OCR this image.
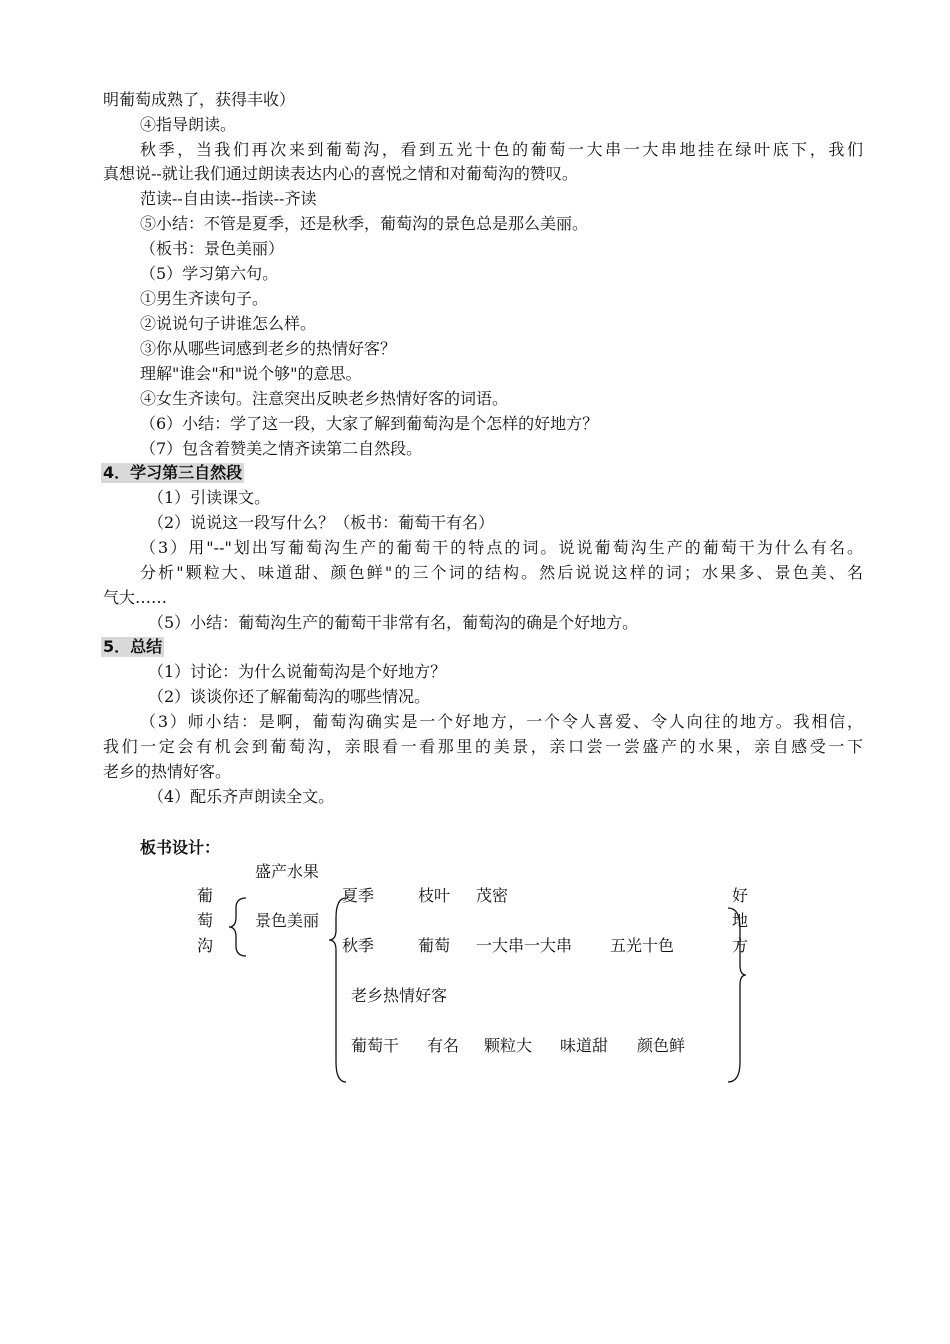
明葡萄成熟了，获得丰收）
④指导朗读。
秋季，当我们再次来到葡萄沟，看到五光十色的葡萄一大串一大串地挂在绿叶底下，我们
真想说--就让我们通过朗读表达内心的喜悦之情和对葡萄沟的赞叹。
范读--自由读--指读--齐读
⑤小结：不管是夏季，还是秋季，葡萄沟的景色总是那么美丽。
（板书：景色美丽）
（5）学习第六句。
①男生齐读句子。
②说说句子讲谁怎么样。
③你从哪些词感到老乡的热情好客？
理解"谁会"和"说个够"的意思。
④女生齐读句。注意突出反映老乡热情好客的词语。
（6）小结：学了这一段，大家了解到葡萄沟是个怎样的好地方？
（7）包含着赞美之情齐读第二自然段。
4．学习第三自然段
（1）引读课文。
（2）说说这一段写什么？（板书：葡萄干有名）
（3）用"--"划出写葡萄沟生产的葡萄干的特点的词。说说葡萄沟生产的葡萄干为什么有名。
分析"颗粒大、味道甜、颜色鲜"的三个词的结构。然后说说这样的词；水果多、景色美、名
气大……
（5）小结：葡萄沟生产的葡萄干非常有名，葡萄沟的确是个好地方。
5．总结
（1）讨论：为什么说葡萄沟是个好地方？
（2）谈谈你还了解葡萄沟的哪些情况。
（3）师小结：是啊，葡萄沟确实是一个好地方，一个令人喜爱、令人向往的地方。我相信，
我们一定会有机会到葡萄沟，亲眼看一看那里的美景，亲口尝一尝盛产的水果，亲自感受一下
老乡的热情好客。
（4）配乐齐声朗读全文。
板书设计：
葡
萄
沟
好
地
方
盛产水果
景色美丽
夏季	枝叶 茂密
秋季	葡萄 一大串一大串 五光十色
老乡热情好客
葡萄干 有名 颗粒大 味道甜 颜色鲜
